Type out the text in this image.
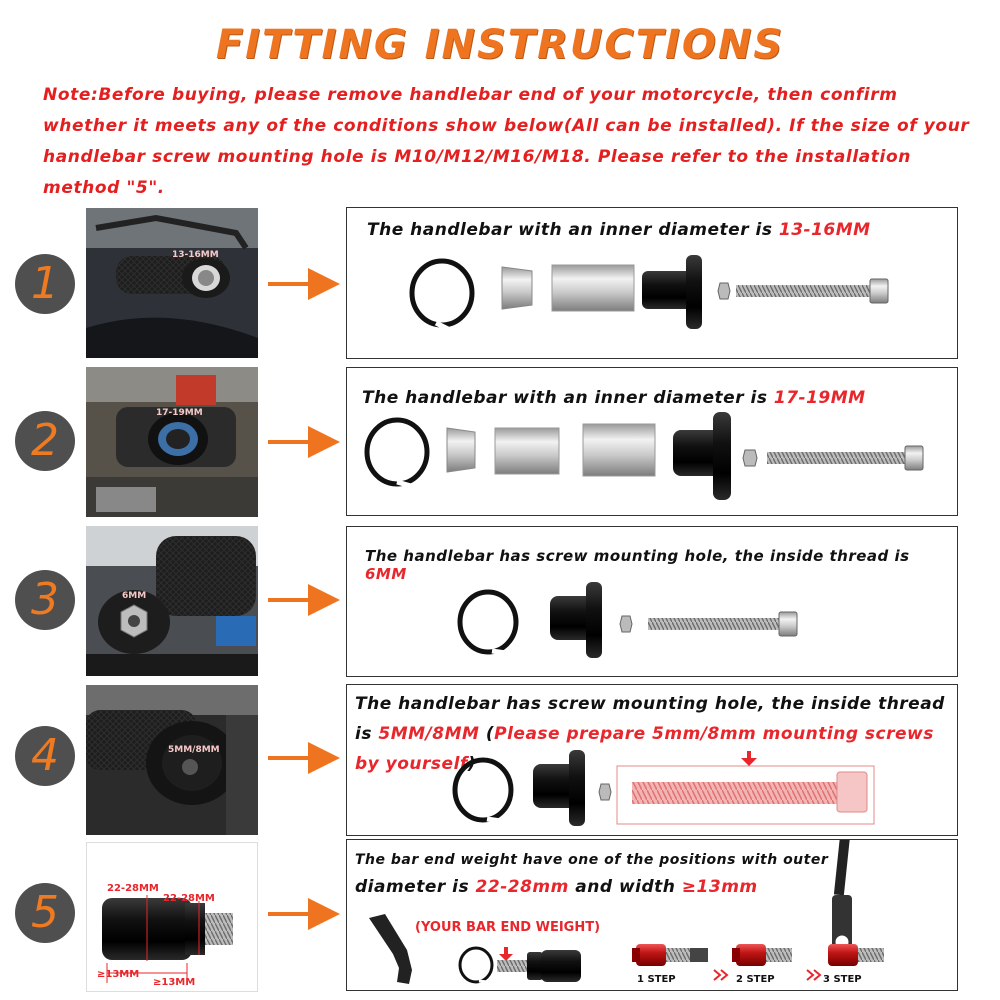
FITTING INSTRUCTIONS
Note:Before buying, please remove handlebar end of your motorcycle, then confirm whether it meets any of the conditions show below(All can be installed). If the size of your handlebar screw mounting hole is M10/M12/M16/M18. Please refer to the installation method "5".
13-16MM
1
The handlebar with an inner diameter is 13-16MM
17-19MM
2
The handlebar with an inner diameter is 17-19MM
6MM
3
The handlebar has screw mounting hole, the inside thread is 6MM
5MM/8MM
4
The handlebar has screw mounting hole, the inside thread is 5MM/8MM (Please prepare 5mm/8mm mounting screws by yourself)
22-28MM
22-28MM
≥13MM
≥13MM
5
The bar end weight have one of the positions with outer
diameter is 22-28mm and width ≥13mm
(YOUR BAR END WEIGHT)
1 STEP	2 STEP	3 STEP
